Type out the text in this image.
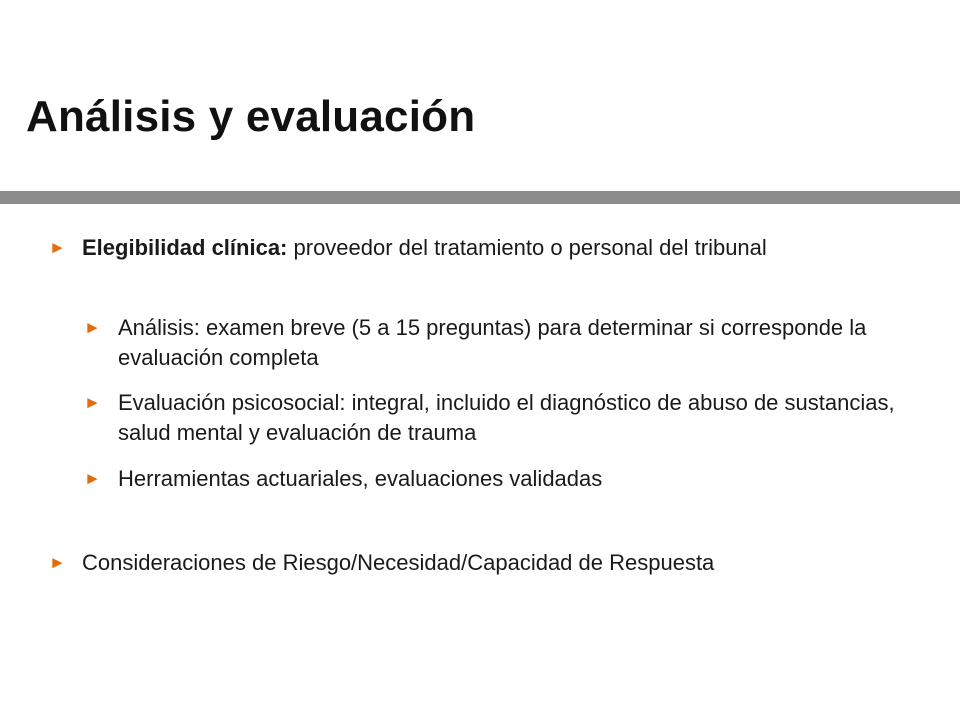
Análisis y evaluación
► Elegibilidad clínica: proveedor del tratamiento o personal del tribunal
► Análisis: examen breve (5 a 15 preguntas) para determinar si corresponde la evaluación completa
► Evaluación psicosocial: integral, incluido el diagnóstico de abuso de sustancias, salud mental y evaluación de trauma
► Herramientas actuariales, evaluaciones validadas
► Consideraciones de Riesgo/Necesidad/Capacidad de Respuesta
